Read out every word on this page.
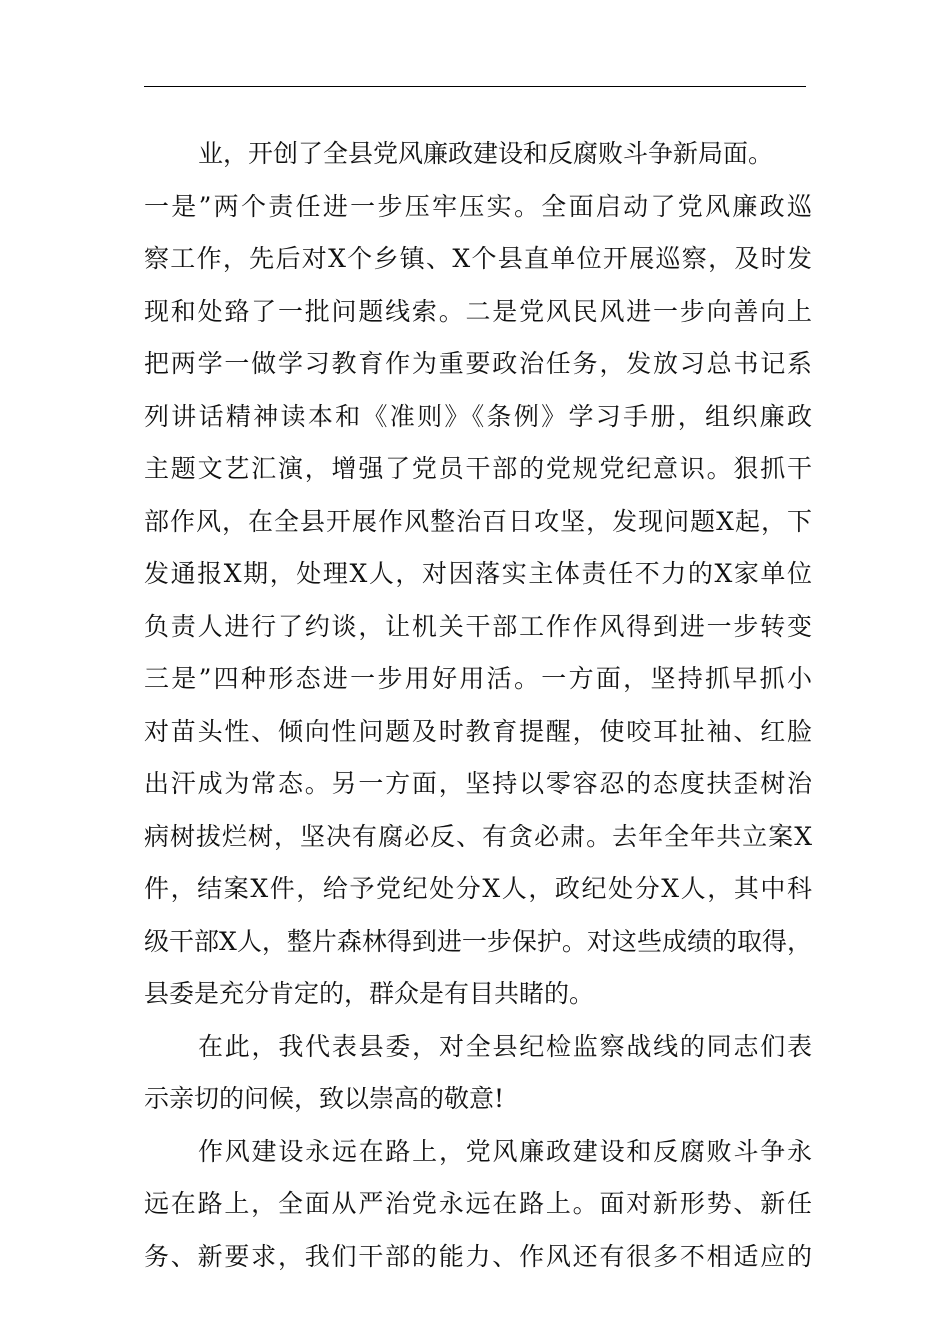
业，开创了全县党风廉政建设和反腐败斗争新局面。
一是”两个责任进一步压牢压实。全面启动了党风廉政巡
察工作，先后对X个乡镇、X个县直单位开展巡察，及时发
现和处臵了一批问题线索。二是党风民风进一步向善向上
把两学一做学习教育作为重要政治任务，发放习总书记系
列讲话精神读本和《准则》《条例》学习手册，组织廉政
主题文艺汇演，增强了党员干部的党规党纪意识。狠抓干
部作风，在全县开展作风整治百日攻坚，发现问题X起，下
发通报X期，处理X人，对因落实主体责任不力的X家单位
负责人进行了约谈，让机关干部工作作风得到进一步转变
三是”四种形态进一步用好用活。一方面，坚持抓早抓小
对苗头性、倾向性问题及时教育提醒，使咬耳扯袖、红脸
出汗成为常态。另一方面，坚持以零容忍的态度扶歪树治
病树拔烂树，坚决有腐必反、有贪必肃。去年全年共立案X
件，结案X件，给予党纪处分X人，政纪处分X人，其中科
级干部X人，整片森林得到进一步保护。对这些成绩的取得，
县委是充分肯定的，群众是有目共睹的。
在此，我代表县委，对全县纪检监察战线的同志们表
示亲切的问候，致以崇高的敬意!
作风建设永远在路上，党风廉政建设和反腐败斗争永
远在路上，全面从严治党永远在路上。面对新形势、新任
务、新要求，我们干部的能力、作风还有很多不相适应的
